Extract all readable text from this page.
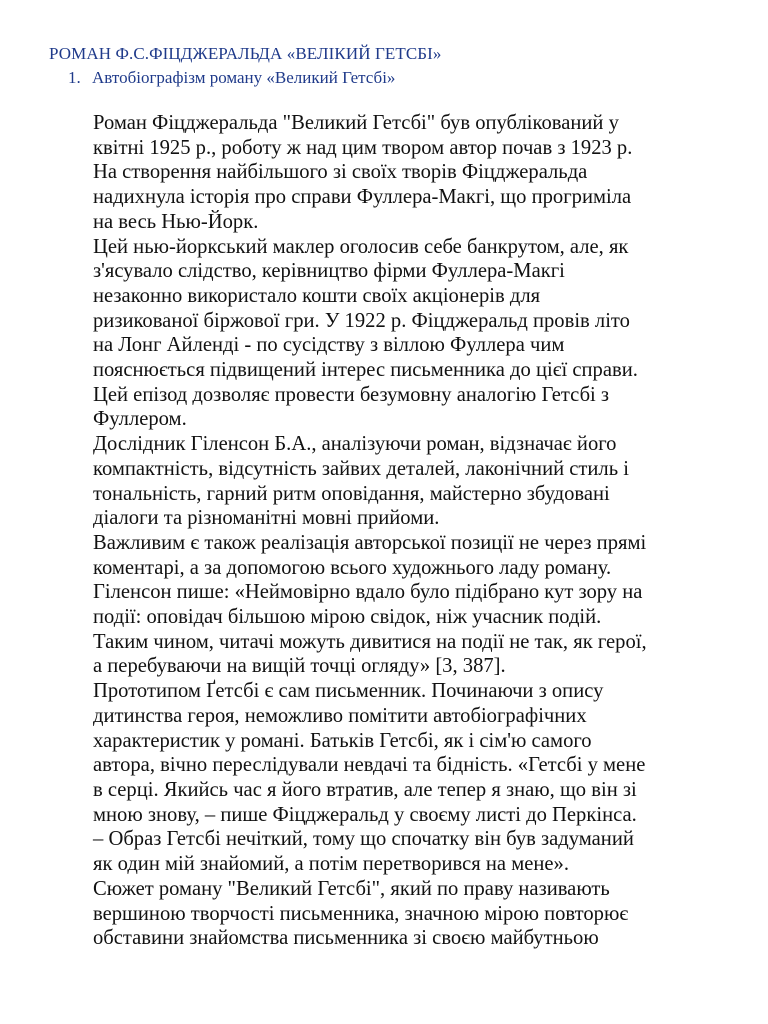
РОМАН Ф.С.ФІЦДЖЕРАЛЬДА «ВЕЛІКИЙ ГЕТСБІ»
1. Автобіографізм роману «Великий Гетсбі»
Роман Фіцджеральда "Великий Гетсбі" був опублікований у
квітні 1925 р., роботу ж над цим твором автор почав з 1923 р.
На створення найбільшого зі своїх творів Фіцджеральда
надихнула історія про справи Фуллера-Макгі, що прогриміла
на весь Нью-Йорк.
Цей нью-йоркський маклер оголосив себе банкрутом, але, як
з'ясувало слідство, керівництво фірми Фуллера-Макгі
незаконно використало кошти своїх акціонерів для
ризикованої біржової гри. У 1922 р. Фіцджеральд провів літо
на Лонг Айленді - по сусідству з віллою Фуллера чим
пояснюється підвищений інтерес письменника до цієї справи.
Цей епізод дозволяє провести безумовну аналогію Гетсбі з
Фуллером.
Дослідник Гіленсон Б.А., аналізуючи роман, відзначає його
компактність, відсутність зайвих деталей, лаконічний стиль і
тональність, гарний ритм оповідання, майстерно збудовані
діалоги та різноманітні мовні прийоми.
Важливим є також реалізація авторської позиції не через прямі
коментарі, а за допомогою всього художнього ладу роману.
Гіленсон пише: «Неймовірно вдало було підібрано кут зору на
події: оповідач більшою мірою свідок, ніж учасник подій.
Таким чином, читачі можуть дивитися на події не так, як герої,
а перебуваючи на вищій точці огляду» [3, 387].
Прототипом Ґетсбі є сам письменник. Починаючи з опису
дитинства героя, неможливо помітити автобіографічних
характеристик у романі. Батьків Гетсбі, як і сім'ю самого
автора, вічно переслідували невдачі та бідність. «Гетсбі у мене
в серці. Якийсь час я його втратив, але тепер я знаю, що він зі
мною знову, – пише Фіцджеральд у своєму листі до Перкінса.
– Образ Гетсбі нечіткий, тому що спочатку він був задуманий
як один мій знайомий, а потім перетворився на мене».
Сюжет роману "Великий Гетсбі", який по праву називають
вершиною творчості письменника, значною мірою повторює
обставини знайомства письменника зі своєю майбутньою
